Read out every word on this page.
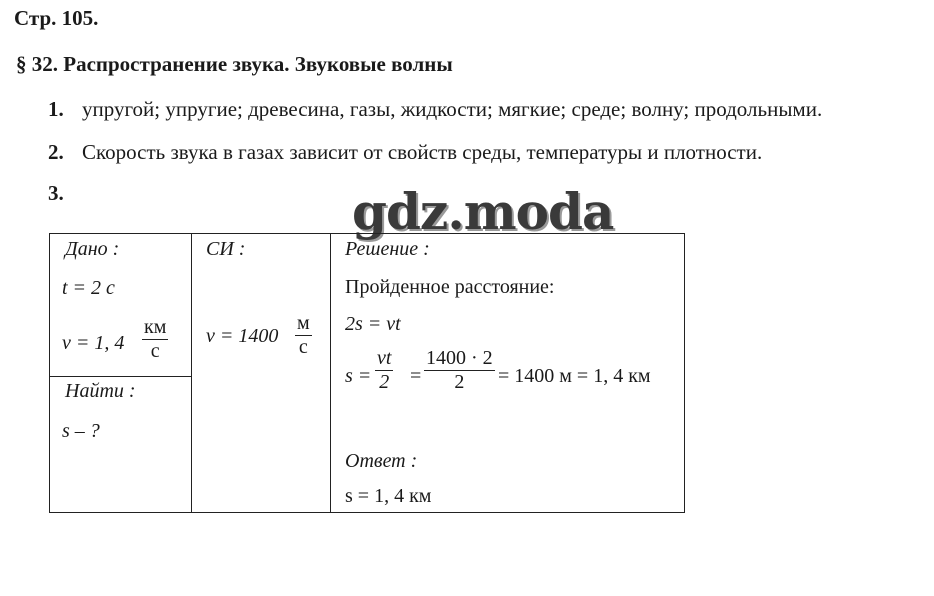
Стр. 105.
§ 32. Распространение звука. Звуковые волны
1. упругой; упругие; древесина, газы, жидкости; мягкие; среде; волну; продольными.
2. Скорость звука в газах зависит от свойств среды, температуры и плотности.
3.	gdz.moda
Дано :
t = 2 с
v = 1, 4
км
с
Найти :
s – ?
СИ :
v = 1400
м
с
Решение :
Пройденное расстояние:
2s = vt
s =
vt
2 =
1400 · 2
2	= 1400 м = 1, 4 км
Ответ :
s = 1, 4 км
